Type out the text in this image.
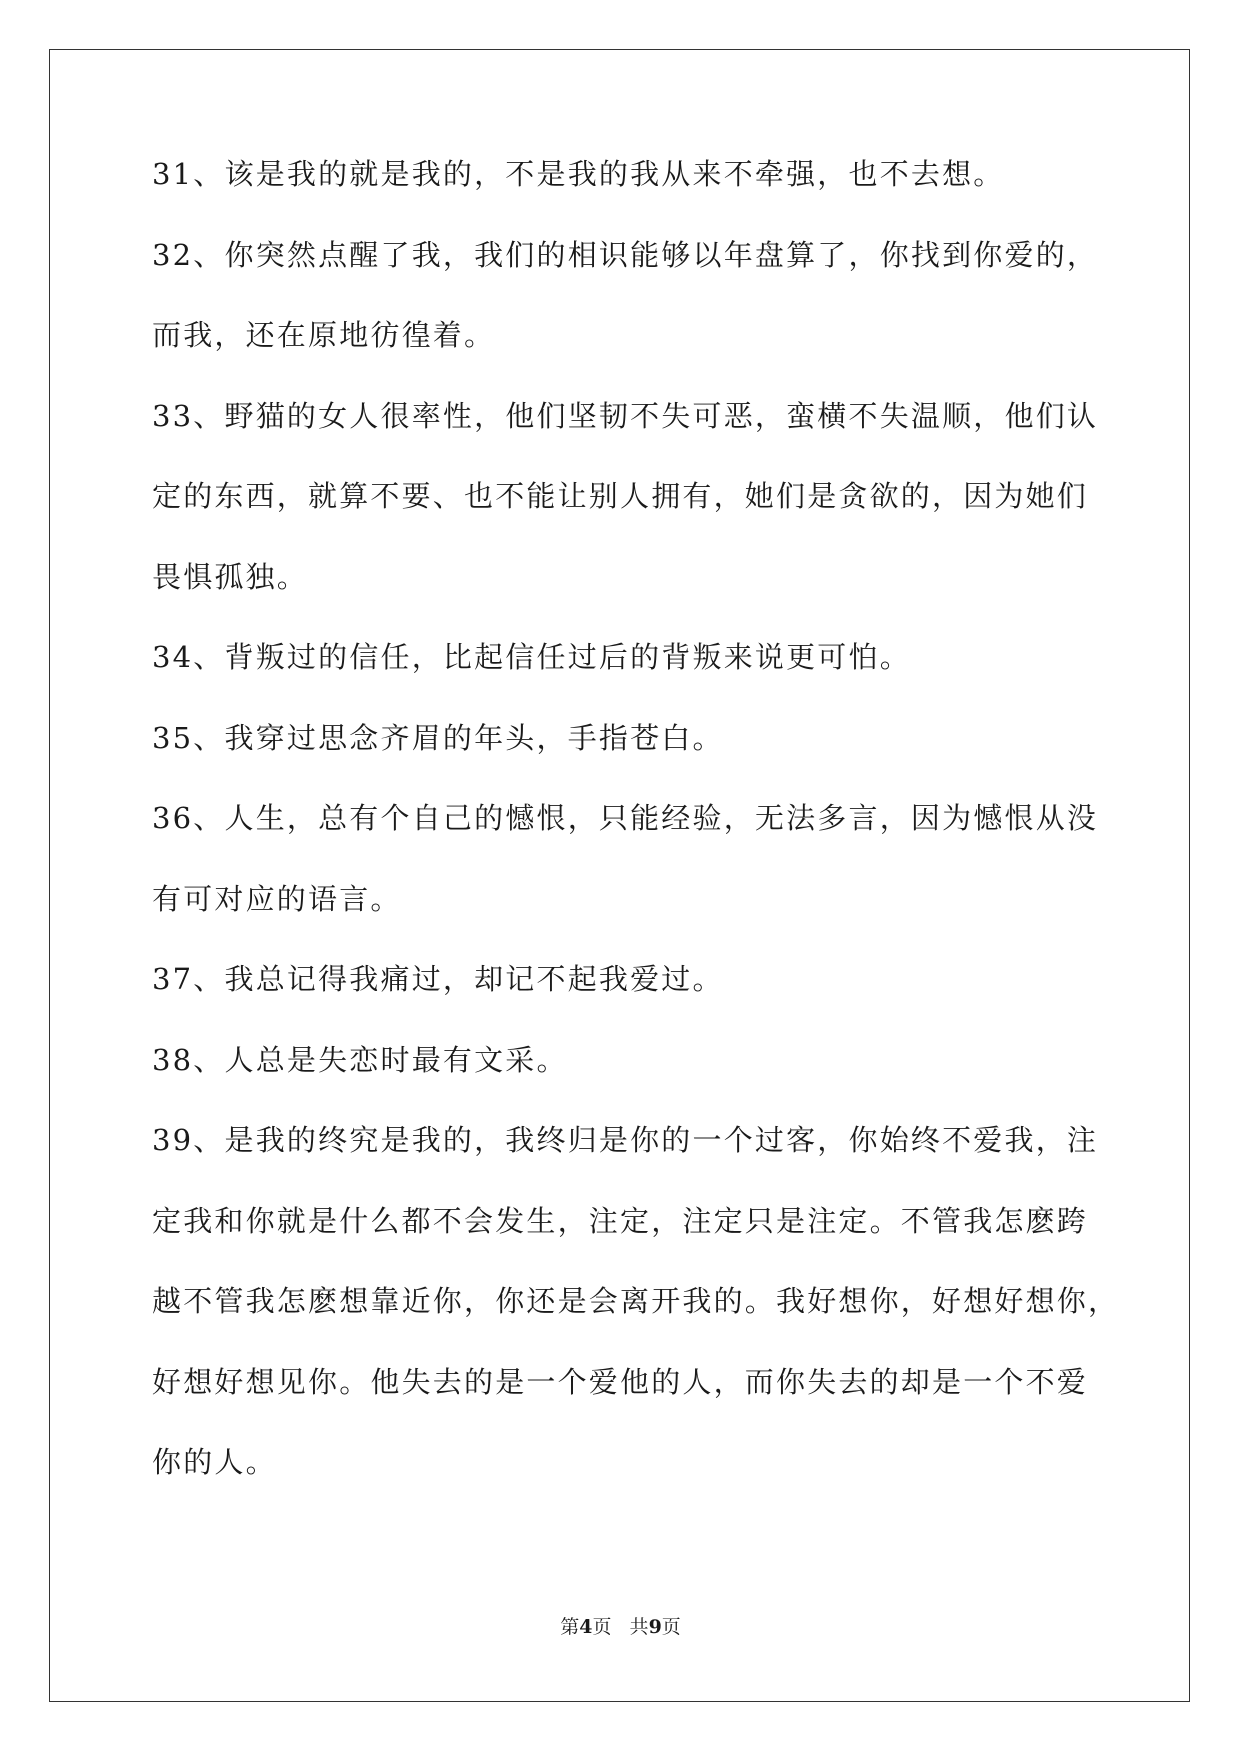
31、该是我的就是我的，不是我的我从来不牵强，也不去想。
32、你突然点醒了我，我们的相识能够以年盘算了，你找到你爱的，
而我，还在原地彷徨着。
33、野猫的女人很率性，他们坚韧不失可恶，蛮横不失温顺，他们认
定的东西，就算不要、也不能让别人拥有，她们是贪欲的，因为她们
畏惧孤独。
34、背叛过的信任，比起信任过后的背叛来说更可怕。
35、我穿过思念齐眉的年头，手指苍白。
36、人生，总有个自己的憾恨，只能经验，无法多言，因为憾恨从没
有可对应的语言。
37、我总记得我痛过，却记不起我爱过。
38、人总是失恋时最有文采。
39、是我的终究是我的，我终归是你的一个过客，你始终不爱我，注
定我和你就是什么都不会发生，注定，注定只是注定。不管我怎麽跨
越不管我怎麽想靠近你，你还是会离开我的。我好想你，好想好想你，
好想好想见你。他失去的是一个爱他的人，而你失去的却是一个不爱
你的人。
第4页   共9页
